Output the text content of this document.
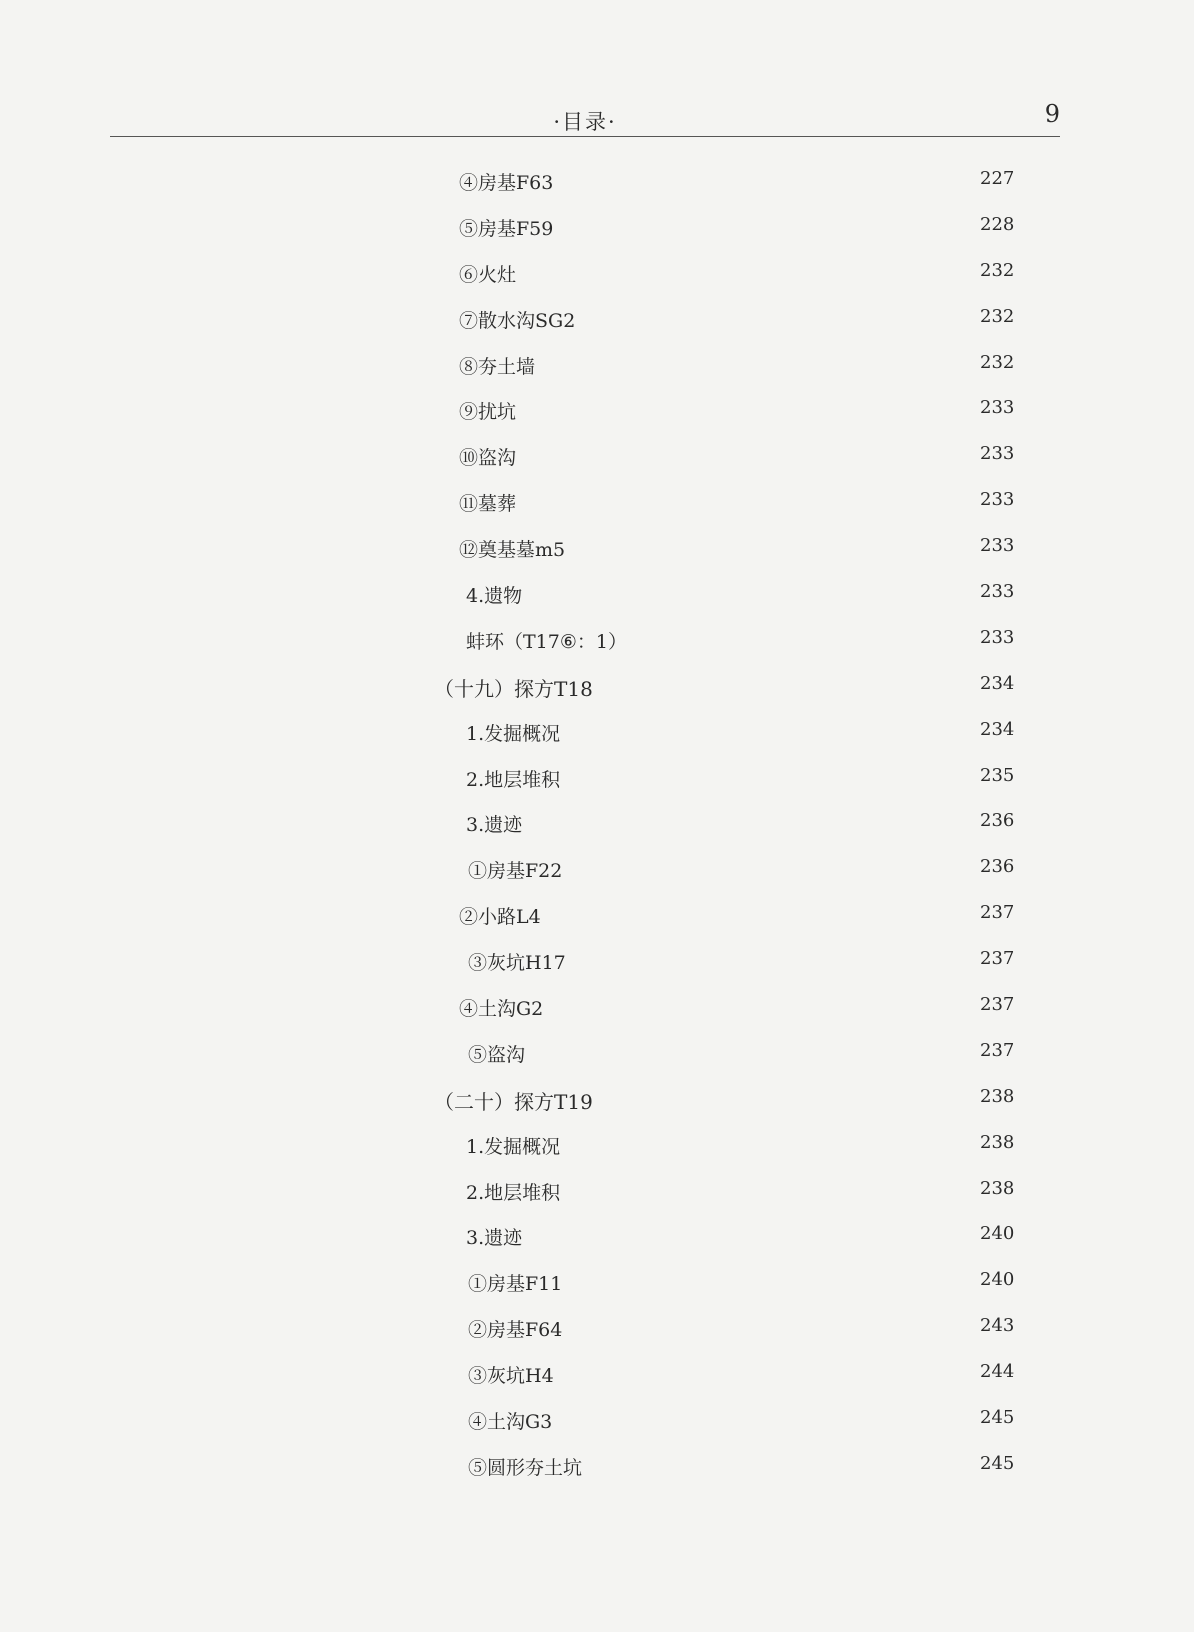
·目录·	9
④房基F63	227
⑤房基F59	228
⑥火灶	232
⑦散水沟SG2	232
⑧夯土墙	232
⑨扰坑	233
⑩盗沟	233
⑪墓葬	233
⑫奠基墓m5	233
4.遗物	233
蚌环（T17⑥：1）	233
（十九）探方T18	234
1.发掘概况	234
2.地层堆积	235
3.遗迹	236
①房基F22	236
②小路L4	237
③灰坑H17	237
④土沟G2	237
⑤盗沟	237
（二十）探方T19	238
1.发掘概况	238
2.地层堆积	238
3.遗迹	240
①房基F11	240
②房基F64	243
③灰坑H4	244
④土沟G3	245
⑤圆形夯土坑	245
